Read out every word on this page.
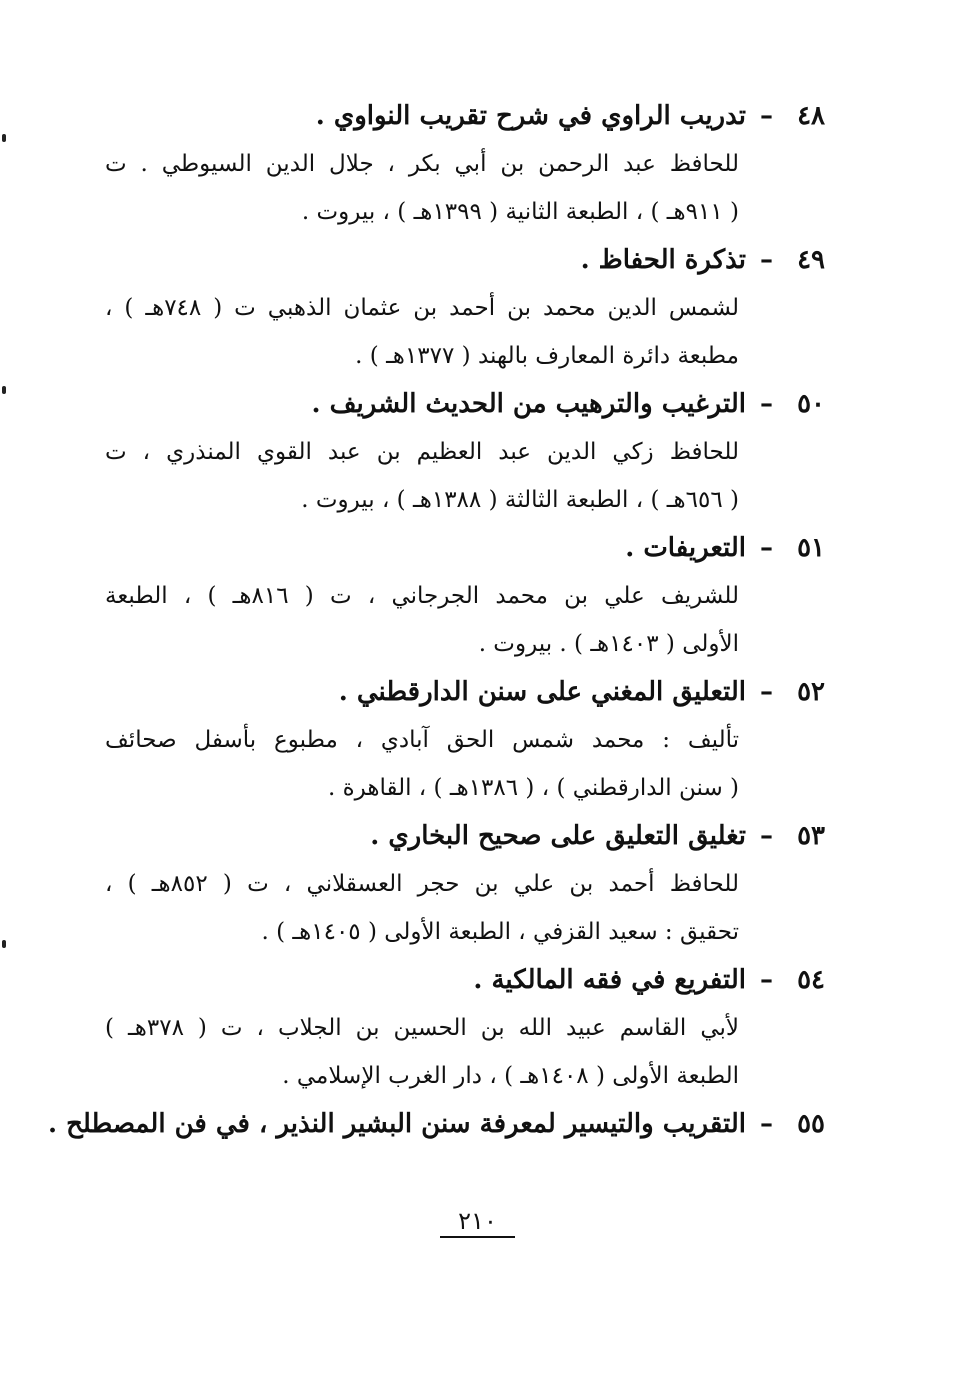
٤٨–تدريب الراوي في شرح تقريب النواوي .
للحافظ عبد الرحمن بن أبي بكر ، جلال الدين السيوطي . ت
( ٩١١هـ ) ، الطبعة الثانية ( ١٣٩٩هـ ) ، بيروت .
٤٩–تذكرة الحفاظ .
لشمس الدين محمد بن أحمد بن عثمان الذهبي ت ( ٧٤٨هـ ) ،
مطبعة دائرة المعارف بالهند ( ١٣٧٧هـ ) .
٥٠–الترغيب والترهيب من الحديث الشريف .
للحافظ زكي الدين عبد العظيم بن عبد القوي المنذري ، ت
( ٦٥٦هـ ) ، الطبعة الثالثة ( ١٣٨٨هـ ) ، بيروت .
٥١–التعريفات .
للشريف علي بن محمد الجرجاني ، ت ( ٨١٦هـ ) ، الطبعة
الأولى ( ١٤٠٣هـ ) . بيروت .
٥٢–التعليق المغني على سنن الدارقطني .
تأليف : محمد شمس الحق آبادي ، مطبوع بأسفل صحائف
( سنن الدارقطني ) ، ( ١٣٨٦هـ ) ، القاهرة .
٥٣–تغليق التعليق على صحيح البخاري .
للحافظ أحمد بن علي بن حجر العسقلاني ، ت ( ٨٥٢هـ ) ،
تحقيق : سعيد القزفي ، الطبعة الأولى ( ١٤٠٥هـ ) .
٥٤–التفريع في فقه المالكية .
لأبي القاسم عبيد الله بن الحسين بن الجلاب ، ت ( ٣٧٨هـ )
الطبعة الأولى ( ١٤٠٨هـ ) ، دار الغرب الإسلامي .
٥٥–التقريب والتيسير لمعرفة سنن البشير النذير ، في فن المصطلح .
٢١٠
